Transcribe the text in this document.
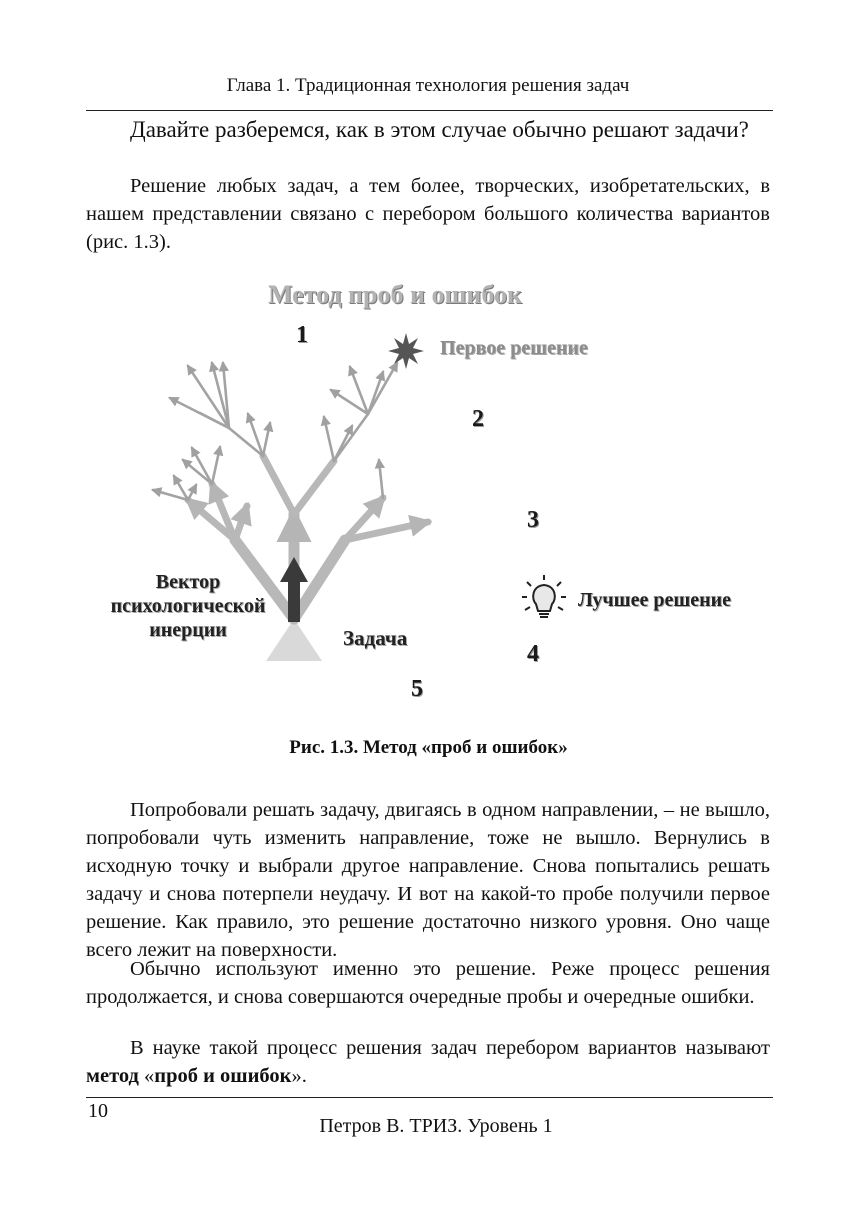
Глава 1. Традиционная технология решения задач

Давайте разберемся, как в этом случае обычно решают задачи?

Решение любых задач, а тем более, творческих, изобретательских, в нашем представлении связано с перебором большого количества вариантов (рис. 1.3).

Метод проб и ошибок
1
2
3
4
5
Первое решение
Лучшее решение
Вектор психологической инерции	Задача
Рис. 1.3. Метод «проб и ошибок»

Попробовали решать задачу, двигаясь в одном направлении, – не вышло, попробовали чуть изменить направление, тоже не вышло. Вернулись в исходную точку и выбрали другое направление. Снова попытались решать задачу и снова потерпели неудачу. И вот на какой-то пробе получили первое решение. Как правило, это решение достаточно низкого уровня. Оно чаще всего лежит на поверхности.

Обычно используют именно это решение. Реже процесс решения продолжается, и снова совершаются очередные пробы и очередные ошибки.

В науке такой процесс решения задач перебором вариантов называют метод «проб и ошибок».

10
Петров В. ТРИЗ. Уровень 1
